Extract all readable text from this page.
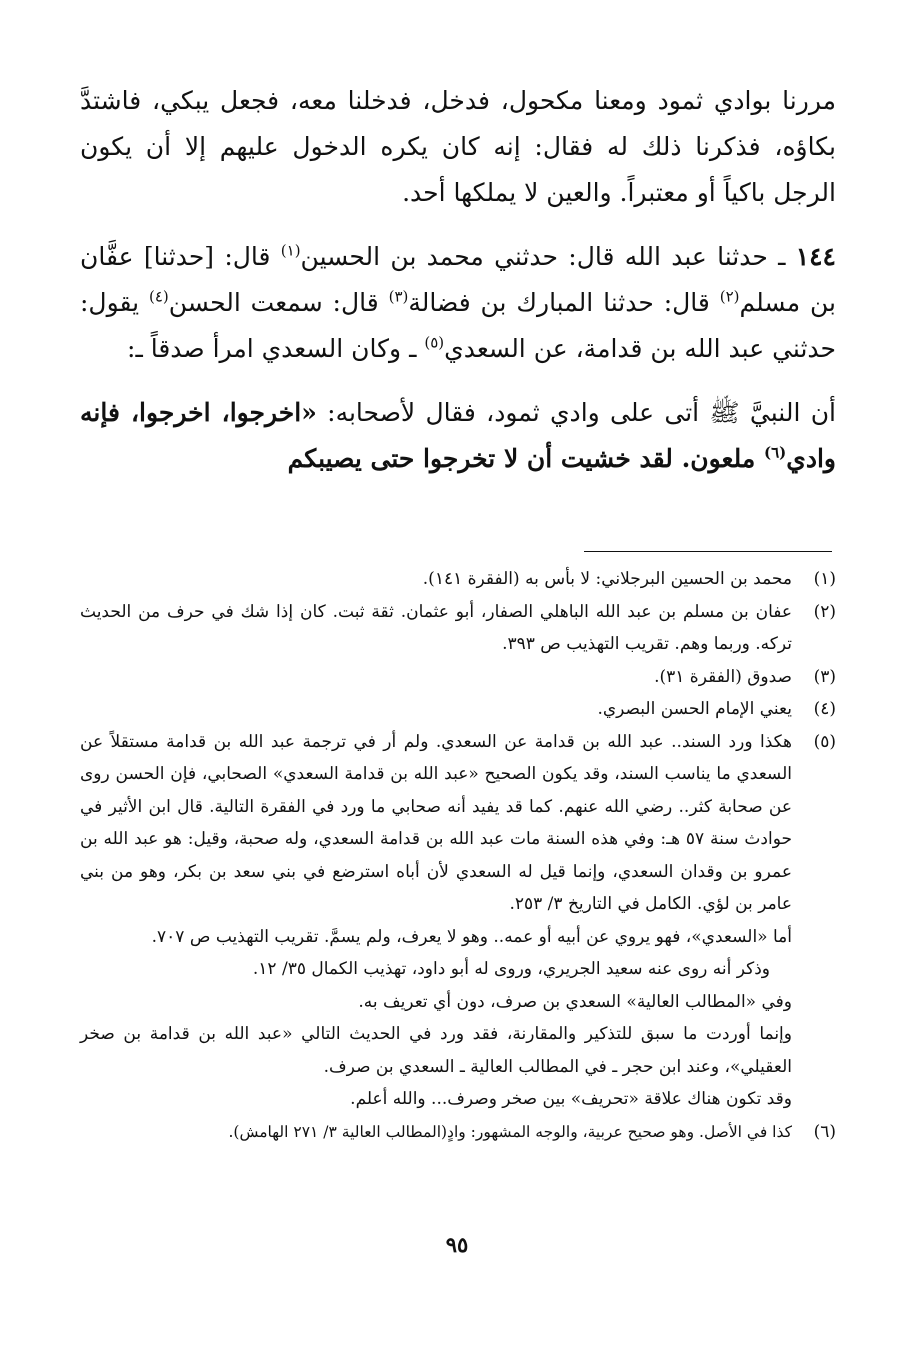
مررنا بوادي ثمود ومعنا مكحول، فدخل، فدخلنا معه، فجعل يبكي، فاشتدَّ بكاؤه، فذكرنا ذلك له فقال: إنه كان يكره الدخول عليهم إلا أن يكون الرجل باكياً أو معتبراً. والعين لا يملكها أحد.

١٤٤ ـ حدثنا عبد الله قال: حدثني محمد بن الحسين$^{(١)}$ قال: [حدثنا] عفَّان بن مسلم$^{(٢)}$ قال: حدثنا المبارك بن فضالة$^{(٣)}$ قال: سمعت الحسن$^{(٤)}$ يقول: حدثني عبد الله بن قدامة، عن السعدي$^{(٥)}$ ـ وكان السعدي امرأ صدقاً ـ:

أن النبيَّ ﷺ أتى على وادي ثمود، فقال لأصحابه: «اخرجوا، اخرجوا، فإنه وادي$^{(٦)}$ ملعون. لقد خشيت أن لا تخرجوا حتى يصيبكم

(١)
محمد بن الحسين البرجلاني: لا بأس به (الفقرة ١٤١).
(٢)
عفان بن مسلم بن عبد الله الباهلي الصفار، أبو عثمان. ثقة ثبت. كان إذا شك في حرف من الحديث تركه. وربما وهم. تقريب التهذيب ص ٣٩٣.
(٣)
صدوق (الفقرة ٣١).
(٤)
يعني الإمام الحسن البصري.
(٥)
هكذا ورد السند.. عبد الله بن قدامة عن السعدي. ولم أر في ترجمة عبد الله بن قدامة مستقلاً عن السعدي ما يناسب السند، وقد يكون الصحيح «عبد الله بن قدامة السعدي» الصحابي، فإن الحسن روى عن صحابة كثر.. رضي الله عنهم. كما قد يفيد أنه صحابي ما ورد في الفقرة التالية. قال ابن الأثير في حوادث سنة ٥٧ هـ: وفي هذه السنة مات عبد الله بن قدامة السعدي، وله صحبة، وقيل: هو عبد الله بن عمرو بن وقدان السعدي، وإنما قيل له السعدي لأن أباه استرضع في بني سعد بن بكر، وهو من بني عامر بن لؤي. الكامل في التاريخ ٣/ ٢٥٣.
أما «السعدي»، فهو يروي عن أبيه أو عمه.. وهو لا يعرف، ولم يسمَّ. تقريب التهذيب ص ٧٠٧.
وذكر أنه روى عنه سعيد الجريري، وروى له أبو داود، تهذيب الكمال ٣٥/ ١٢.
وفي «المطالب العالية» السعدي بن صرف، دون أي تعريف به.
وإنما أوردت ما سبق للتذكير والمقارنة، فقد ورد في الحديث التالي «عبد الله بن قدامة بن صخر العقيلي»، وعند ابن حجر ـ في المطالب العالية ـ السعدي بن صرف.
وقد تكون هناك علاقة «تحريف» بين صخر وصرف... والله أعلم.
(٦)
كذا في الأصل. وهو صحيح عربية، والوجه المشهور: وادٍ(المطالب العالية ٣/ ٢٧١ الهامش).
٩٥
